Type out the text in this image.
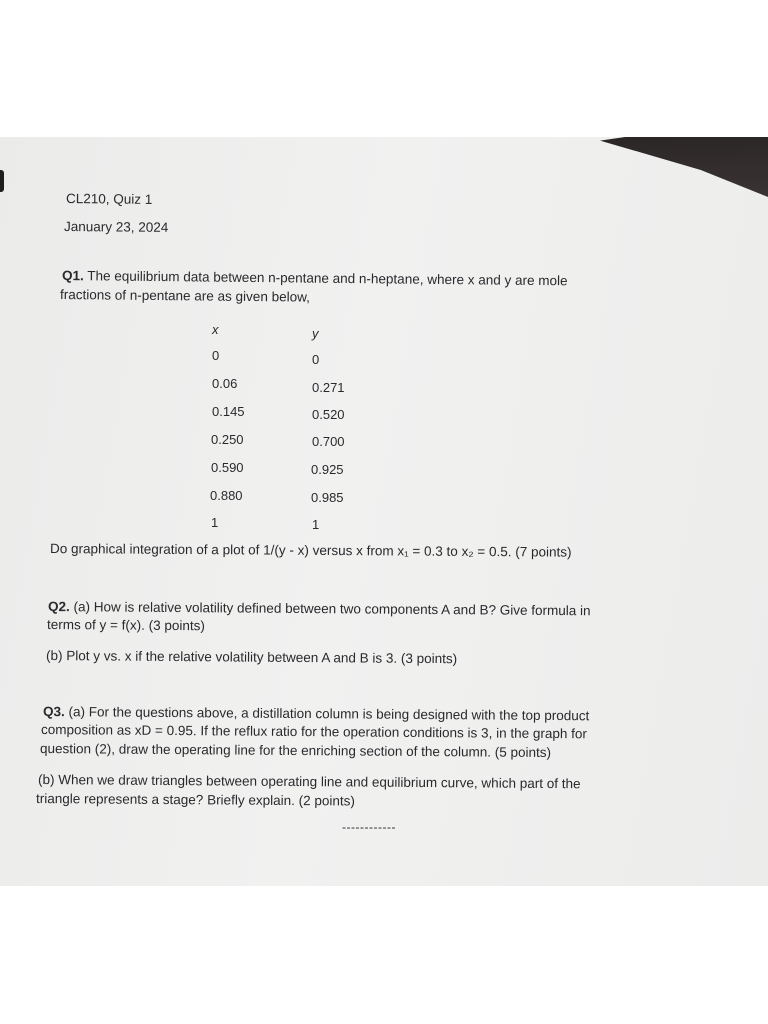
CL210, Quiz 1
January 23, 2024
Q1. The equilibrium data between n-pentane and n-heptane, where x and y are mole
fractions of n-pentane are as given below,
x	y
0	0
0.06	0.271
0.145	0.520
0.250	0.700
0.590	0.925
0.880	0.985
1	1
Do graphical integration of a plot of 1/(y - x) versus x from x₁ = 0.3 to x₂ = 0.5. (7 points)
Q2. (a) How is relative volatility defined between two components A and B? Give formula in
terms of y = f(x). (3 points)
(b) Plot y vs. x if the relative volatility between A and B is 3. (3 points)
Q3. (a) For the questions above, a distillation column is being designed with the top product
composition as xD = 0.95. If the reflux ratio for the operation conditions is 3, in the graph for
question (2), draw the operating line for the enriching section of the column. (5 points)
(b) When we draw triangles between operating line and equilibrium curve, which part of the
triangle represents a stage? Briefly explain. (2 points)
------------
